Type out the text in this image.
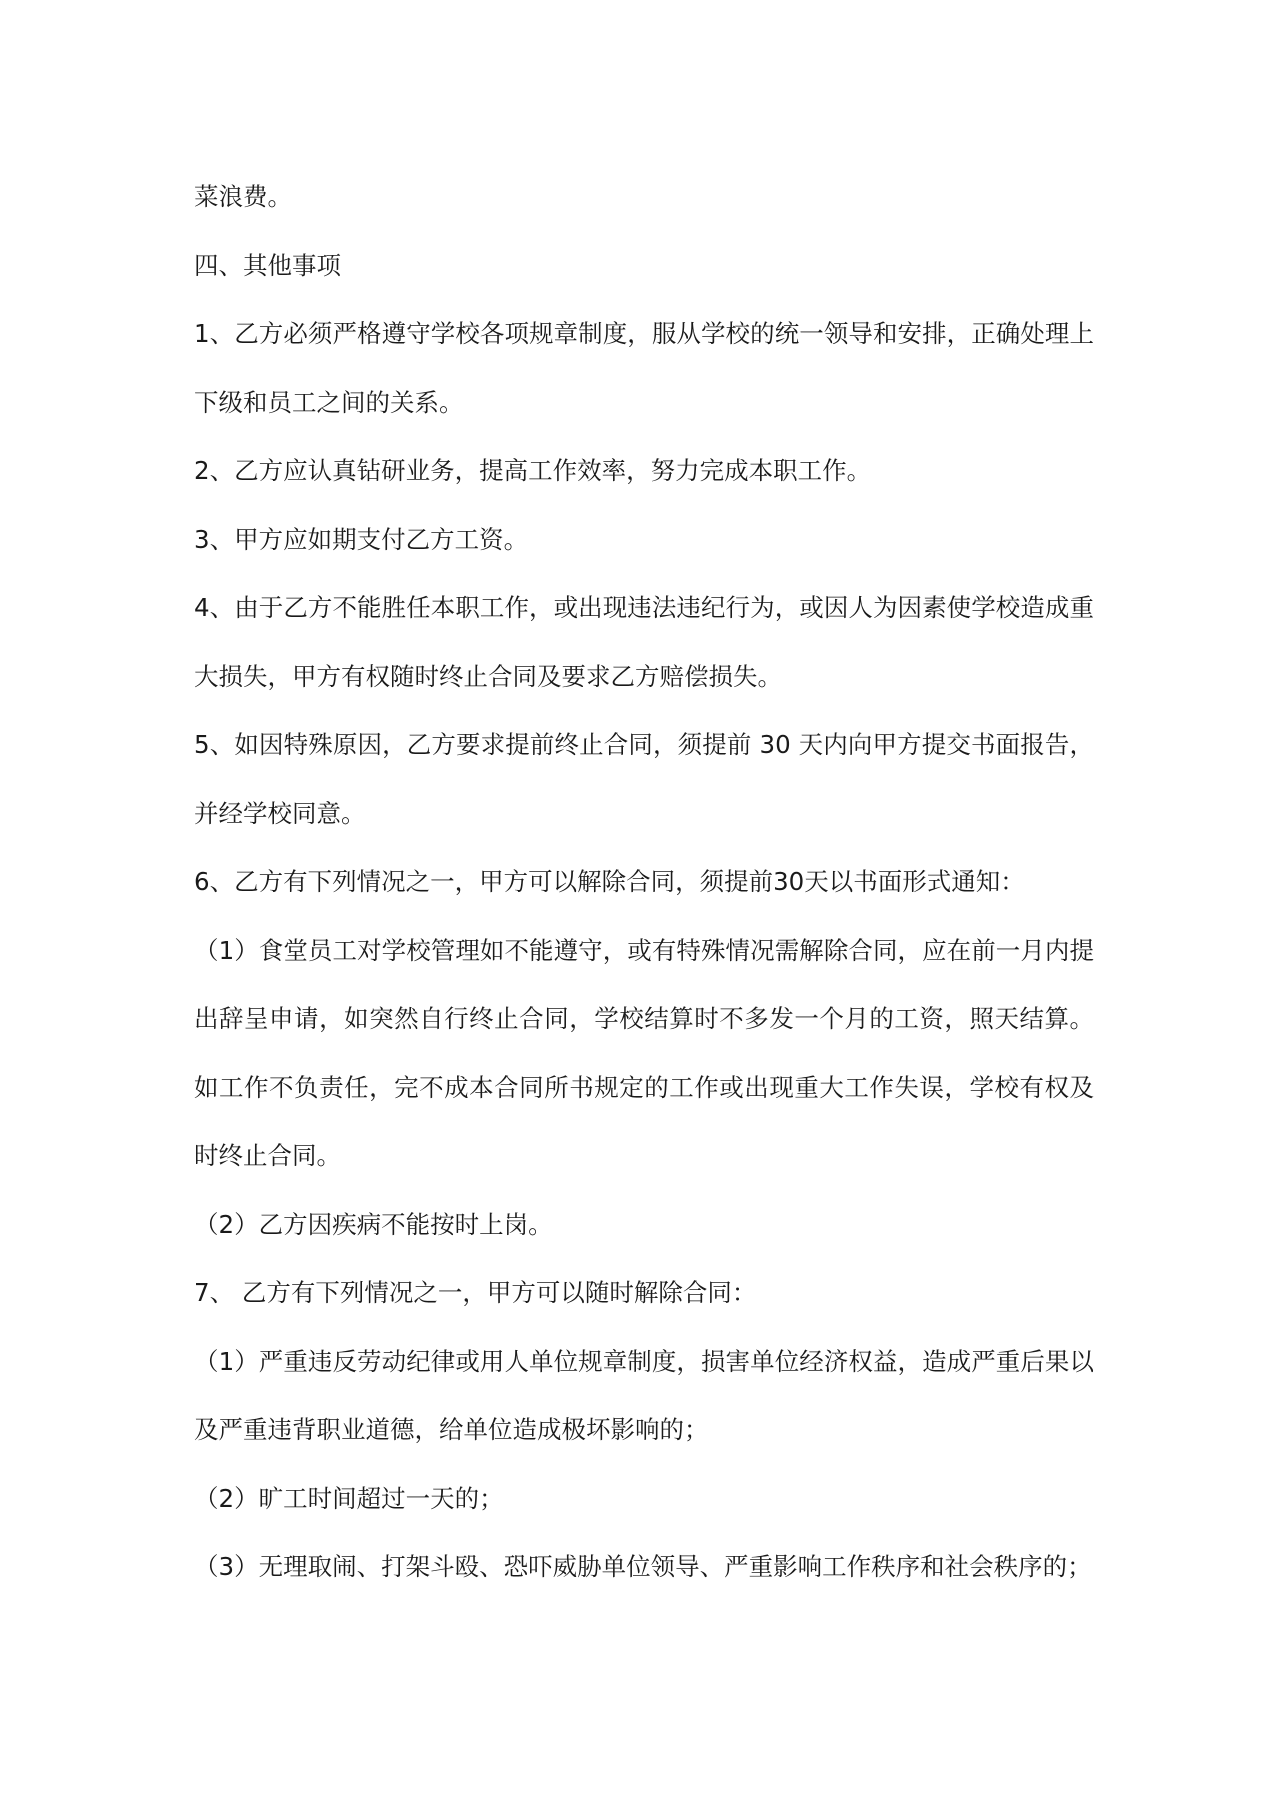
菜浪费。

四、其他事项

1、乙方必须严格遵守学校各项规章制度，服从学校的统一领导和安排，正确处理上下级和员工之间的关系。

2、乙方应认真钻研业务，提高工作效率，努力完成本职工作。

3、甲方应如期支付乙方工资。

4、由于乙方不能胜任本职工作，或出现违法违纪行为，或因人为因素使学校造成重大损失，甲方有权随时终止合同及要求乙方赔偿损失。

5、如因特殊原因，乙方要求提前终止合同，须提前 30 天内向甲方提交书面报告，并经学校同意。

6、乙方有下列情况之一，甲方可以解除合同，须提前30天以书面形式通知：

（1）食堂员工对学校管理如不能遵守，或有特殊情况需解除合同，应在前一月内提出辞呈申请，如突然自行终止合同，学校结算时不多发一个月的工资，照天结算。如工作不负责任，完不成本合同所书规定的工作或出现重大工作失误，学校有权及时终止合同。

（2）乙方因疾病不能按时上岗。

7、 乙方有下列情况之一，甲方可以随时解除合同：

（1）严重违反劳动纪律或用人单位规章制度，损害单位经济权益，造成严重后果以及严重违背职业道德，给单位造成极坏影响的；

（2）旷工时间超过一天的；

（3）无理取闹、打架斗殴、恐吓威胁单位领导、严重影响工作秩序和社会秩序的；
